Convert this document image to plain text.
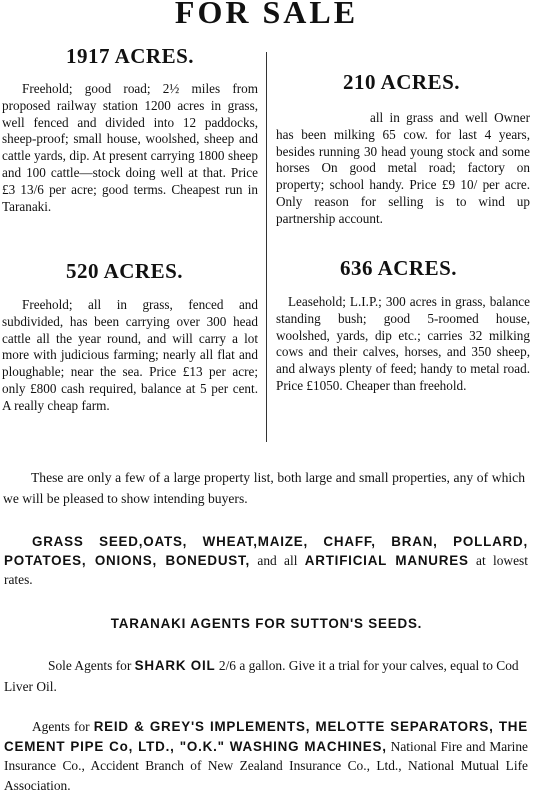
FOR SALE
1917 ACRES.

Freehold; good road; 2½ miles from proposed railway station 1200 acres in grass, well fenced and divided into 12 paddocks, sheep-proof; small house, woolshed, sheep and cattle yards, dip. At present carrying 1800 sheep and 100 cattle—stock doing well at that. Price £3 13/6 per acre; good terms. Cheapest run in Taranaki.

520 ACRES.

Freehold; all in grass, fenced and subdivided, has been carrying over 300 head cattle all the year round, and will carry a lot more with judicious farming; nearly all flat and ploughable; near the sea. Price £13 per acre; only £800 cash required, balance at 5 per cent. A really cheap farm.

210 ACRES.

all in grass and well Owner has been milking 65 cow. for last 4 years, besides running 30 head young stock and some horses On good metal road; factory on property; school handy. Price £9 10/ per acre. Only reason for selling is to wind up partnership account.

636 ACRES.

Leasehold; L.I.P.; 300 acres in grass, balance standing bush; good 5-roomed house, woolshed, yards, dip etc.; carries 32 milking cows and their calves, horses, and 350 sheep, and always plenty of feed; handy to metal road. Price £1050. Cheaper than freehold.

These are only a few of a large property list, both large and small properties, any of which we will be pleased to show intending buyers.

GRASS SEED,OATS, WHEAT,MAIZE, CHAFF, BRAN, POLLARD, POTATOES, ONIONS, BONEDUST, and all ARTIFICIAL MANURES at lowest rates.
TARANAKI AGENTS FOR SUTTON'S SEEDS.
Sole Agents for SHARK OIL 2/6 a gallon. Give it a trial for your calves, equal to Cod Liver Oil.
Agents for REID & GREY'S IMPLEMENTS, MELOTTE SEPARATORS, THE CEMENT PIPE Co, LTD., "O.K." WASHING MACHINES, National Fire and Marine Insurance Co., Accident Branch of New Zealand Insurance Co., Ltd., National Mutual Life Association.
